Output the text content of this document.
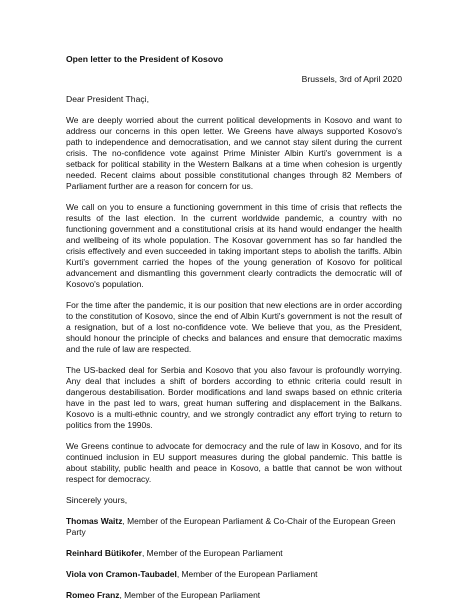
Open letter to the President of Kosovo
Brussels, 3rd of April 2020
Dear President Thaçi,

We are deeply worried about the current political developments in Kosovo and want to address our concerns in this open letter. We Greens have always supported Kosovo's path to independence and democratisation, and we cannot stay silent during the current crisis. The no-confidence vote against Prime Minister Albin Kurti's government is a setback for political stability in the Western Balkans at a time when cohesion is urgently needed. Recent claims about possible constitutional changes through 82 Members of Parliament further are a reason for concern for us.

We call on you to ensure a functioning government in this time of crisis that reflects the results of the last election. In the current worldwide pandemic, a country with no functioning government and a constitutional crisis at its hand would endanger the health and wellbeing of its whole population. The Kosovar government has so far handled the crisis effectively and even succeeded in taking important steps to abolish the tariffs. Albin Kurti's government carried the hopes of the young generation of Kosovo for political advancement and dismantling this government clearly contradicts the democratic will of Kosovo's population.

For the time after the pandemic, it is our position that new elections are in order according to the constitution of Kosovo, since the end of Albin Kurti's government is not the result of a resignation, but of a lost no-confidence vote. We believe that you, as the President, should honour the principle of checks and balances and ensure that democratic maxims and the rule of law are respected.

The US-backed deal for Serbia and Kosovo that you also favour is profoundly worrying. Any deal that includes a shift of borders according to ethnic criteria could result in dangerous destabilisation. Border modifications and land swaps based on ethnic criteria have in the past led to wars, great human suffering and displacement in the Balkans. Kosovo is a multi-ethnic country, and we strongly contradict any effort trying to return to politics from the 1990s.

We Greens continue to advocate for democracy and the rule of law in Kosovo, and for its continued inclusion in EU support measures during the global pandemic. This battle is about stability, public health and peace in Kosovo, a battle that cannot be won without respect for democracy.

Sincerely yours,
Thomas Waitz, Member of the European Parliament & Co-Chair of the European Green Party
Reinhard Bütikofer, Member of the European Parliament
Viola von Cramon-Taubadel, Member of the European Parliament
Romeo Franz, Member of the European Parliament
